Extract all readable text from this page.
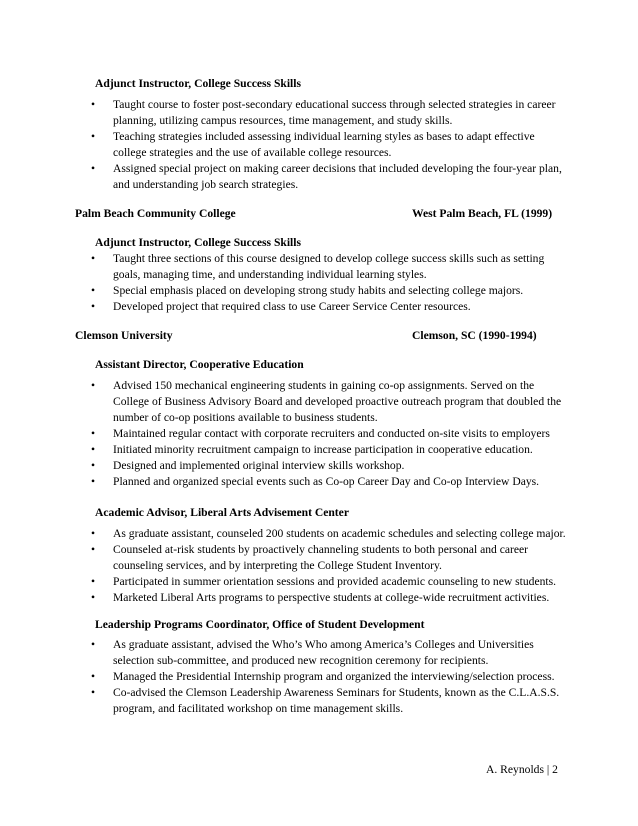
Adjunct Instructor, College Success Skills
• Taught course to foster post-secondary educational success through selected strategies in career planning, utilizing campus resources, time management, and study skills.
• Teaching strategies included assessing individual learning styles as bases to adapt effective college strategies and the use of available college resources.
• Assigned special project on making career decisions that included developing the four-year plan, and understanding job search strategies.
Palm Beach Community College	West Palm Beach, FL (1999)
Adjunct Instructor, College Success Skills
• Taught three sections of this course designed to develop college success skills such as setting goals, managing time, and understanding individual learning styles.
• Special emphasis placed on developing strong study habits and selecting college majors.
• Developed project that required class to use Career Service Center resources.
Clemson University	Clemson, SC (1990-1994)
Assistant Director, Cooperative Education
• Advised 150 mechanical engineering students in gaining co-op assignments. Served on the College of Business Advisory Board and developed proactive outreach program that doubled the number of co-op positions available to business students.
• Maintained regular contact with corporate recruiters and conducted on-site visits to employers
• Initiated minority recruitment campaign to increase participation in cooperative education.
• Designed and implemented original interview skills workshop.
• Planned and organized special events such as Co-op Career Day and Co-op Interview Days.
Academic Advisor, Liberal Arts Advisement Center
• As graduate assistant, counseled 200 students on academic schedules and selecting college major.
• Counseled at-risk students by proactively channeling students to both personal and career counseling services, and by interpreting the College Student Inventory.
• Participated in summer orientation sessions and provided academic counseling to new students.
• Marketed Liberal Arts programs to perspective students at college-wide recruitment activities.
Leadership Programs Coordinator, Office of Student Development
• As graduate assistant, advised the Who’s Who among America’s Colleges and Universities selection sub-committee, and produced new recognition ceremony for recipients.
• Managed the Presidential Internship program and organized the interviewing/selection process.
• Co-advised the Clemson Leadership Awareness Seminars for Students, known as the C.L.A.S.S. program, and facilitated workshop on time management skills.
A. Reynolds | 2
